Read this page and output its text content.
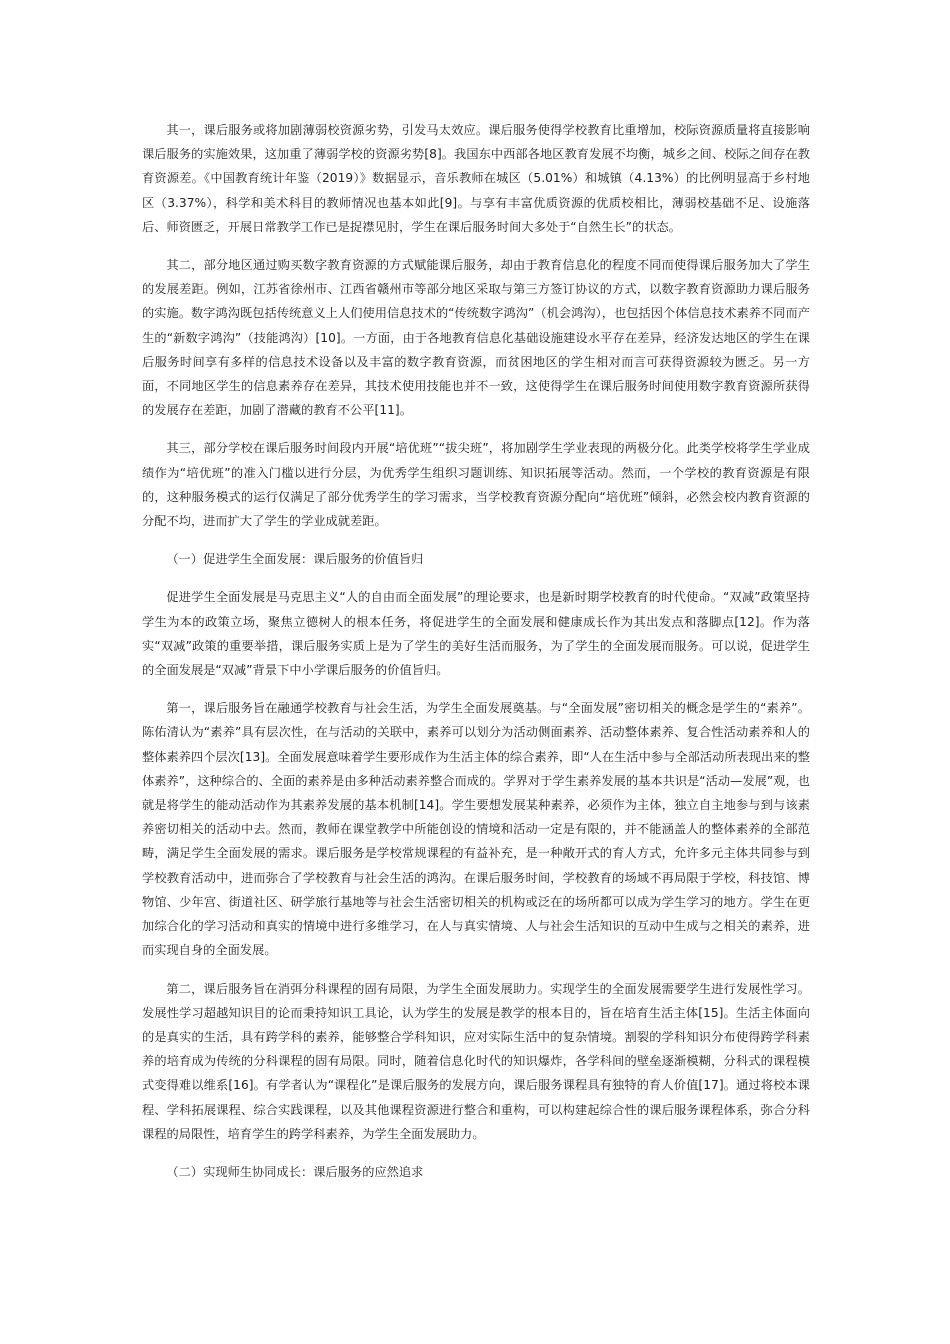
其一，课后服务或将加剧薄弱校资源劣势，引发马太效应。课后服务使得学校教育比重增加，校际资源质量将直接影响课后服务的实施效果，这加重了薄弱学校的资源劣势[8]。我国东中西部各地区教育发展不均衡，城乡之间、校际之间存在教育资源差。《中国教育统计年鉴（2019）》数据显示，音乐教师在城区（5.01%）和城镇（4.13%）的比例明显高于乡村地区（3.37%），科学和美术科目的教师情况也基本如此[9]。与享有丰富优质资源的优质校相比，薄弱校基础不足、设施落后、师资匮乏，开展日常教学工作已是捉襟见肘，学生在课后服务时间大多处于“自然生长”的状态。

其二，部分地区通过购买数字教育资源的方式赋能课后服务，却由于教育信息化的程度不同而使得课后服务加大了学生的发展差距。例如，江苏省徐州市、江西省赣州市等部分地区采取与第三方签订协议的方式，以数字教育资源助力课后服务的实施。数字鸿沟既包括传统意义上人们使用信息技术的“传统数字鸿沟”（机会鸿沟），也包括因个体信息技术素养不同而产生的“新数字鸿沟”（技能鸿沟）[10]。一方面，由于各地教育信息化基础设施建设水平存在差异，经济发达地区的学生在课后服务时间享有多样的信息技术设备以及丰富的数字教育资源，而贫困地区的学生相对而言可获得资源较为匮乏。另一方面，不同地区学生的信息素养存在差异，其技术使用技能也并不一致，这使得学生在课后服务时间使用数字教育资源所获得的发展存在差距，加剧了潜藏的教育不公平[11]。

其三，部分学校在课后服务时间段内开展“培优班”“拔尖班”，将加剧学生学业表现的两极分化。此类学校将学生学业成绩作为“培优班”的准入门槛以进行分层，为优秀学生组织习题训练、知识拓展等活动。然而，一个学校的教育资源是有限的，这种服务模式的运行仅满足了部分优秀学生的学习需求，当学校教育资源分配向“培优班”倾斜，必然会校内教育资源的分配不均，进而扩大了学生的学业成就差距。

（一）促进学生全面发展：课后服务的价值旨归

促进学生全面发展是马克思主义“人的自由而全面发展”的理论要求，也是新时期学校教育的时代使命。“双减”政策坚持学生为本的政策立场，聚焦立德树人的根本任务，将促进学生的全面发展和健康成长作为其出发点和落脚点[12]。作为落实“双减”政策的重要举措，课后服务实质上是为了学生的美好生活而服务，为了学生的全面发展而服务。可以说，促进学生的全面发展是“双减”背景下中小学课后服务的价值旨归。

第一，课后服务旨在融通学校教育与社会生活，为学生全面发展奠基。与“全面发展”密切相关的概念是学生的“素养”。陈佑清认为“素养”具有层次性，在与活动的关联中，素养可以划分为活动侧面素养、活动整体素养、复合性活动素养和人的整体素养四个层次[13]。全面发展意味着学生要形成作为生活主体的综合素养，即“人在生活中参与全部活动所表现出来的整体素养”，这种综合的、全面的素养是由多种活动素养整合而成的。学界对于学生素养发展的基本共识是“活动—发展”观，也就是将学生的能动活动作为其素养发展的基本机制[14]。学生要想发展某种素养，必须作为主体，独立自主地参与到与该素养密切相关的活动中去。然而，教师在课堂教学中所能创设的情境和活动一定是有限的，并不能涵盖人的整体素养的全部范畴，满足学生全面发展的需求。课后服务是学校常规课程的有益补充，是一种敞开式的育人方式，允许多元主体共同参与到学校教育活动中，进而弥合了学校教育与社会生活的鸿沟。在课后服务时间，学校教育的场域不再局限于学校，科技馆、博物馆、少年宫、街道社区、研学旅行基地等与社会生活密切相关的机构或泛在的场所都可以成为学生学习的地方。学生在更加综合化的学习活动和真实的情境中进行多维学习，在人与真实情境、人与社会生活知识的互动中生成与之相关的素养，进而实现自身的全面发展。

第二，课后服务旨在消弭分科课程的固有局限，为学生全面发展助力。实现学生的全面发展需要学生进行发展性学习。发展性学习超越知识目的论而秉持知识工具论，认为学生的发展是教学的根本目的，旨在培育生活主体[15]。生活主体面向的是真实的生活，具有跨学科的素养，能够整合学科知识，应对实际生活中的复杂情境。割裂的学科知识分布使得跨学科素养的培育成为传统的分科课程的固有局限。同时，随着信息化时代的知识爆炸，各学科间的壁垒逐渐模糊，分科式的课程模式变得难以维系[16]。有学者认为“课程化”是课后服务的发展方向，课后服务课程具有独特的育人价值[17]。通过将校本课程、学科拓展课程、综合实践课程，以及其他课程资源进行整合和重构，可以构建起综合性的课后服务课程体系，弥合分科课程的局限性，培育学生的跨学科素养，为学生全面发展助力。

（二）实现师生协同成长：课后服务的应然追求
